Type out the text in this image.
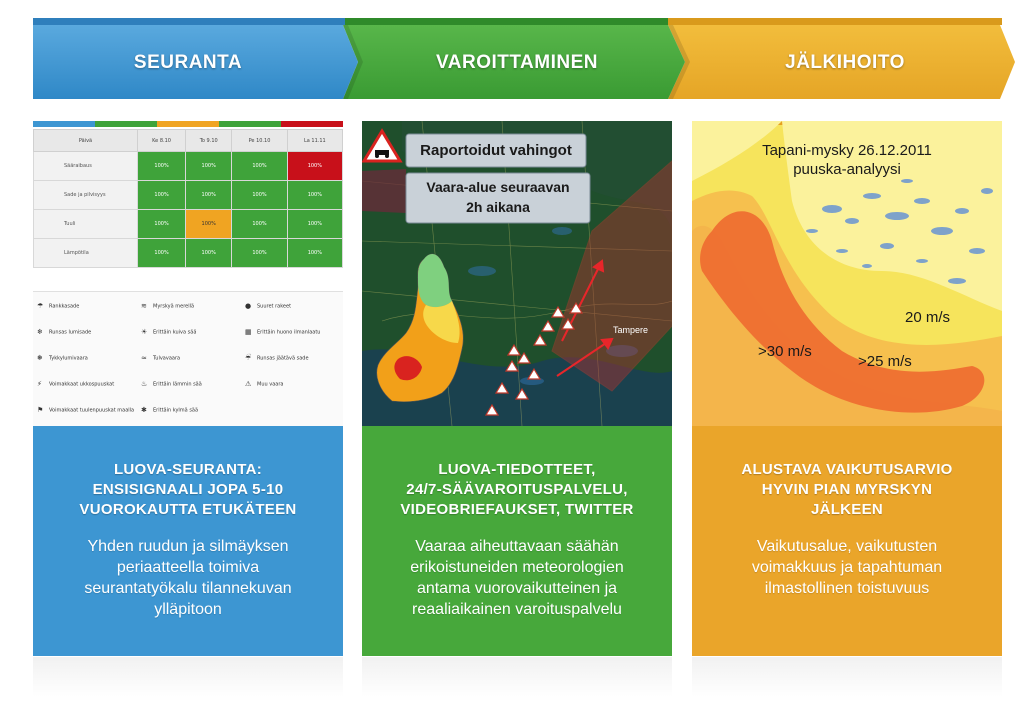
SEURANTA	VAROITTAMINEN	JÄLKIHOITO
Päivä	Ke 8.10	To 9.10	Pe 10.10	La 11.11
Sääraibaus	100%	100%	100%	100%
Sade ja pilvisyys	100%	100%	100%	100%
Tuuli	100%	100%	100%	100%
Lämpötila	100%	100%	100%	100%
☂ Rankkasade
❄ Runsas lumisade
❅ Tykkylumivaara
⚡ Voimakkaat ukkospuuskat
⚑ Voimakkaat tuulenpuuskat maalla
≋ Myrskyä merellä
☀ Erittäin kuiva sää
≈ Tulvavaara
♨ Erittäin lämmin sää
✱ Erittäin kylmä sää
● Suuret rakeet
▦ Erittäin huono ilmanlaatu
☔ Runsas jäätävä sade
⚠ Muu vaara
LUOVA-SEURANTA:
ENSISIGNAALI JOPA 5-10
VUOROKAUTTA ETUKÄTEEN
Yhden ruudun ja silmäyksen
periaatteella toimiva
seurantatyökalu tilannekuvan
ylläpitoon
Tampere
Raportoidut vahingot
Vaara-alue seuraavan
2h aikana
LUOVA-TIEDOTTEET,
24/7-SÄÄVAROITUSPALVELU,
VIDEOBRIEFAUKSET, TWITTER
Vaaraa aiheuttavaan säähän
erikoistuneiden meteorologien
antama vuorovaikutteinen ja
reaaliaikainen varoituspalvelu
Tapani-mysky 26.12.2011
puuska-analyysi
>30 m/s
>25 m/s
20 m/s
ALUSTAVA VAIKUTUSARVIO
HYVIN PIAN MYRSKYN
JÄLKEEN
Vaikutusalue, vaikutusten
voimakkuus ja tapahtuman
ilmastollinen toistuvuus
